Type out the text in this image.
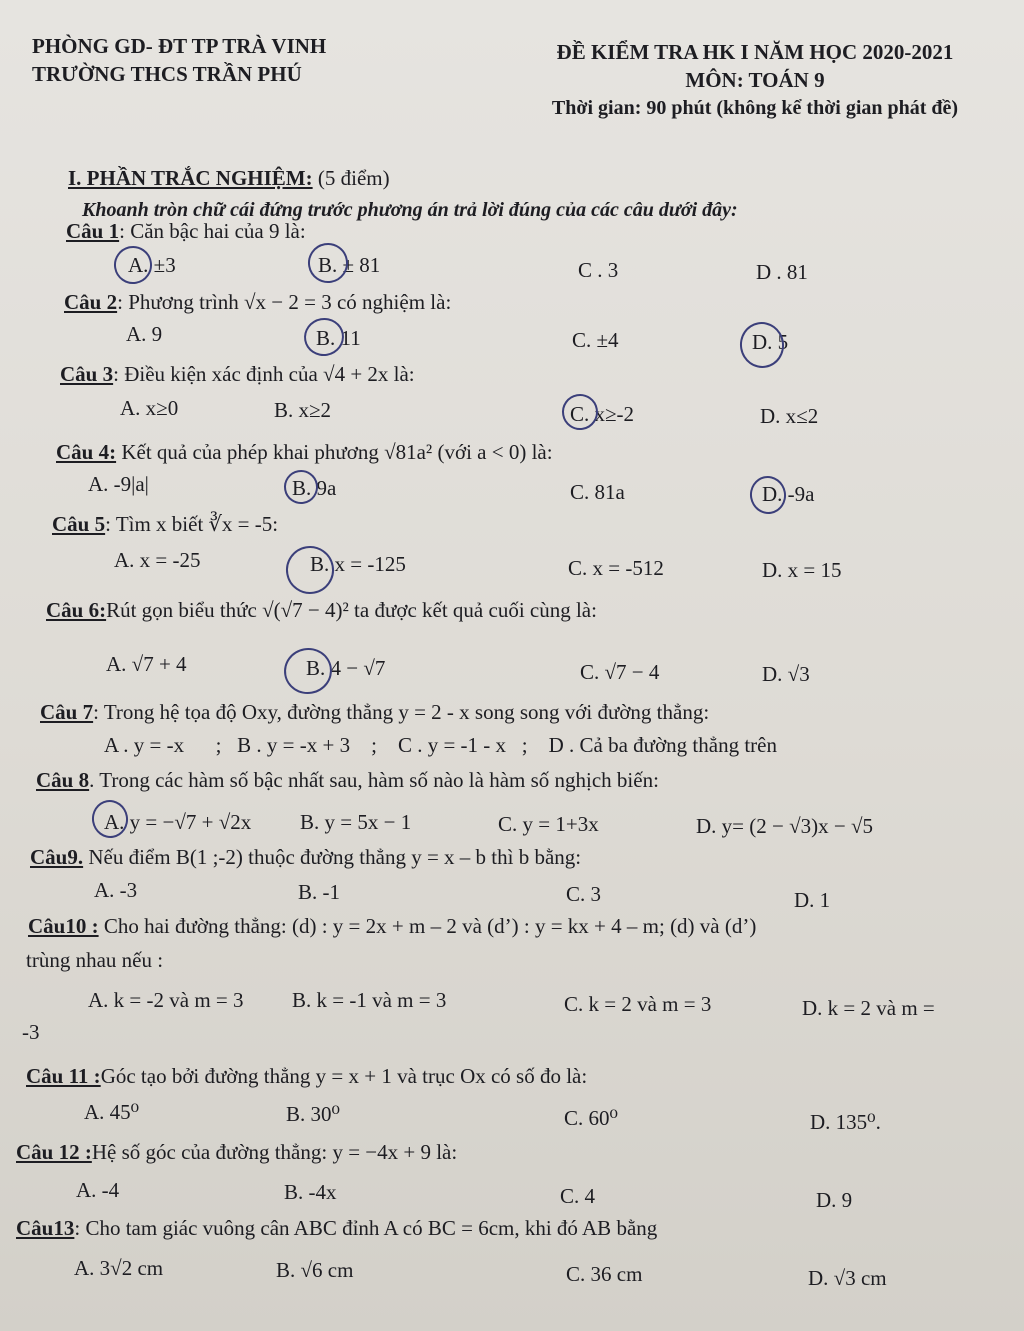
PHÒNG GD- ĐT TP TRÀ VINH
TRƯỜNG THCS TRẦN PHÚ
ĐỀ KIỂM TRA HK I NĂM HỌC 2020-2021
MÔN: TOÁN 9
Thời gian: 90 phút (không kể thời gian phát đề)
I. PHẦN TRẮC NGHIỆM: (5 điểm)
Khoanh tròn chữ cái đứng trước phương án trả lời đúng của các câu dưới đây:
Câu 1: Căn bậc hai của 9 là:
A. ±3	B. ± 81	C . 3	D . 81
Câu 2: Phương trình √x − 2 = 3 có nghiệm là:
A. 9	B. 11	C. ±4	D. 5
Câu 3: Điều kiện xác định của √4 + 2x là:
A. x≥0	B. x≥2	C. x≥-2	D. x≤2
Câu 4: Kết quả của phép khai phương √81a² (với a < 0) là:
A. -9|a|	B. 9a	C. 81a	D. -9a
Câu 5: Tìm x biết ∛x = -5:
A. x = -25	B. x = -125	C. x = -512	D. x = 15
Câu 6:Rút gọn biểu thức √(√7 − 4)² ta được kết quả cuối cùng là:
A. √7 + 4	B. 4 − √7	C. √7 − 4	D. √3
Câu 7: Trong hệ tọa độ Oxy, đường thẳng y = 2 - x song song với đường thẳng:
A . y = -x      ;   B . y = -x + 3    ;    C . y = -1 - x   ;    D . Cả ba đường thẳng trên
Câu 8. Trong các hàm số bậc nhất sau, hàm số nào là hàm số nghịch biến:
A. y = −√7 + √2x B. y = 5x − 1	C. y = 1+3x	D. y= (2 − √3)x − √5
Câu9. Nếu điểm B(1 ;-2) thuộc đường thẳng y = x – b thì b bằng:
A. -3	B. -1	C. 3	D. 1
Câu10 : Cho hai đường thẳng: (d) : y = 2x + m – 2 và (d’) : y = kx + 4 – m; (d) và (d’)
trùng nhau nếu :
A. k = -2 và m = 3 B. k = -1 và m = 3	C. k = 2 và m = 3	D. k = 2 và m =
-3
Câu 11 :Góc tạo bởi đường thẳng y = x + 1 và trục Ox có số đo là:
A. 45⁰	B. 30⁰	C. 60⁰	D. 135⁰.
Câu 12 :Hệ số góc của đường thẳng: y = −4x + 9 là:
A. -4	B. -4x	C. 4	D. 9
Câu13: Cho tam giác vuông cân ABC đỉnh A có BC = 6cm, khi đó AB bằng
A. 3√2 cm	B. √6 cm	C. 36 cm	D. √3 cm
